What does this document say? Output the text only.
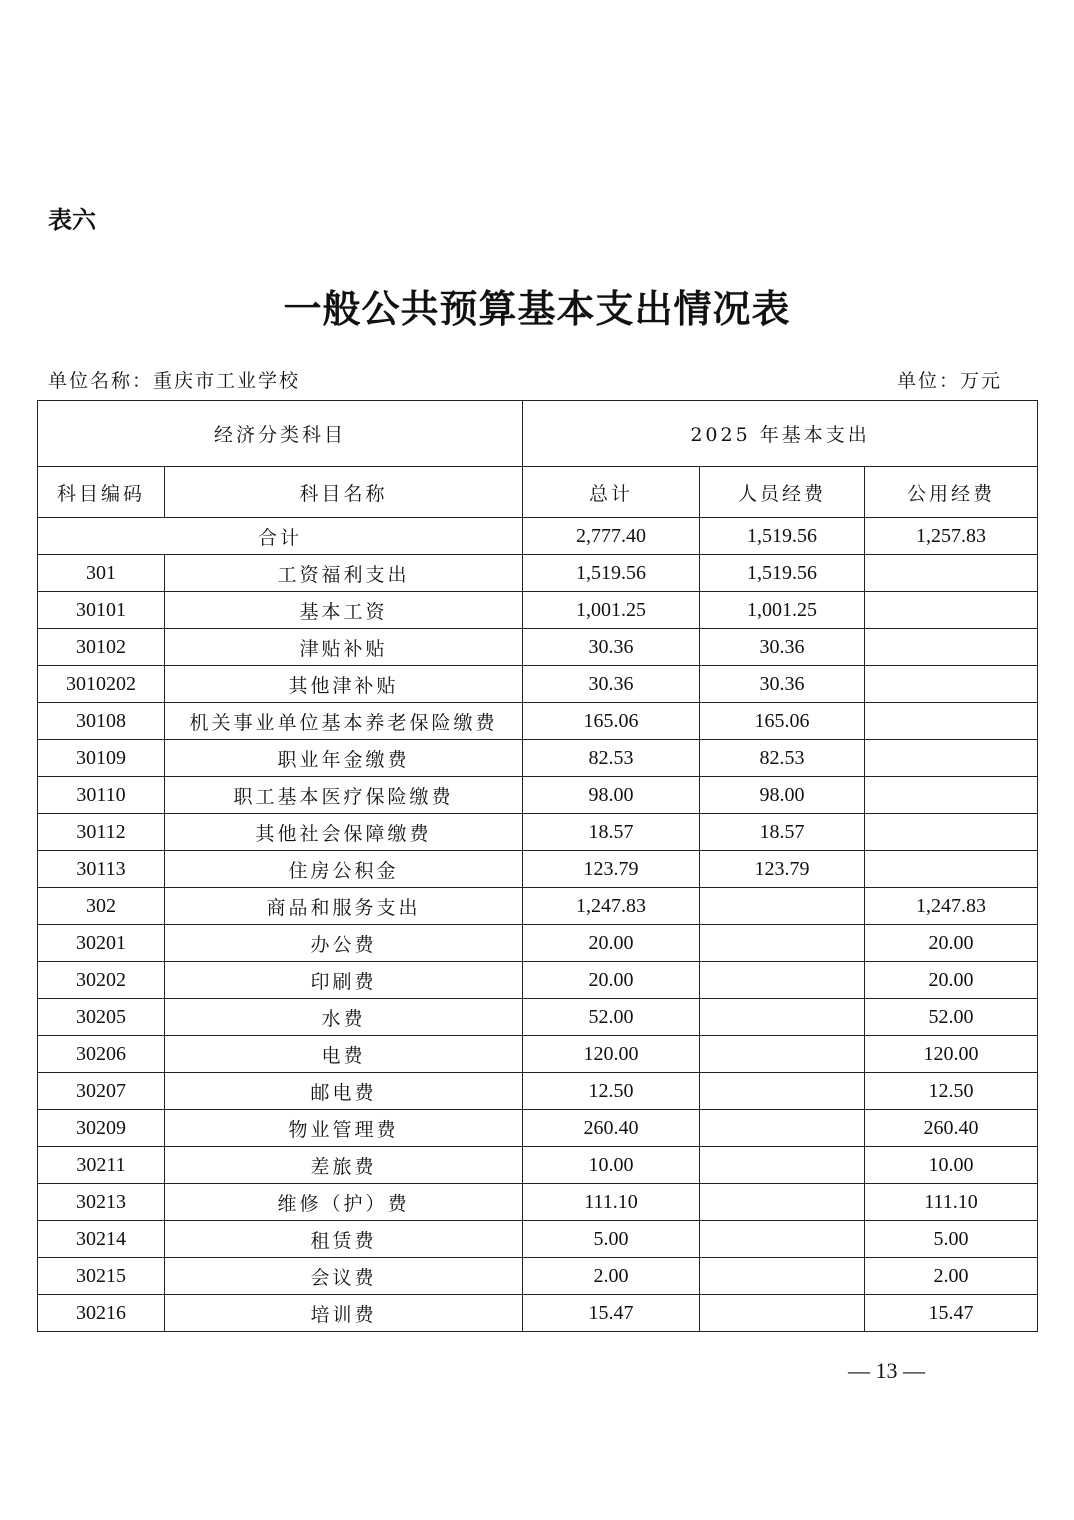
表六
一般公共预算基本支出情况表
单位名称：重庆市工业学校	单位：万元
经济分类科目		2025 年基本支出		
科目编码	科目名称	总计	人员经费	公用经费
合计		2,777.40	1,519.56	1,257.83
301	工资福利支出	1,519.56	1,519.56	
30101	基本工资	1,001.25	1,001.25	
30102	津贴补贴	30.36	30.36	
3010202	其他津补贴	30.36	30.36	
30108	机关事业单位基本养老保险缴费	165.06	165.06	
30109	职业年金缴费	82.53	82.53	
30110	职工基本医疗保险缴费	98.00	98.00	
30112	其他社会保障缴费	18.57	18.57	
30113	住房公积金	123.79	123.79	
302	商品和服务支出	1,247.83		1,247.83
30201	办公费	20.00		20.00
30202	印刷费	20.00		20.00
30205	水费	52.00		52.00
30206	电费	120.00		120.00
30207	邮电费	12.50		12.50
30209	物业管理费	260.40		260.40
30211	差旅费	10.00		10.00
30213	维修（护）费	111.10		111.10
30214	租赁费	5.00		5.00
30215	会议费	2.00		2.00
30216	培训费	15.47		15.47
— 13 —
